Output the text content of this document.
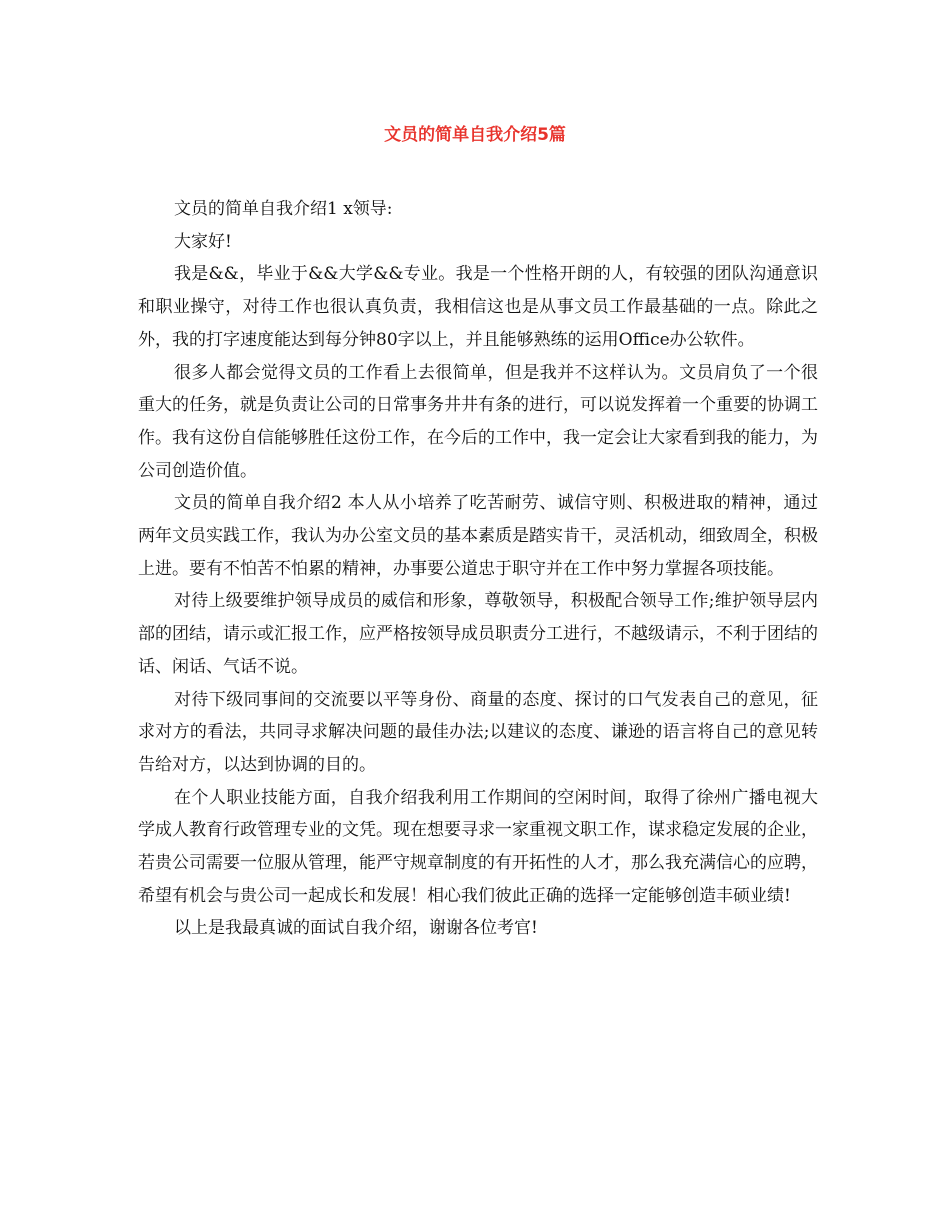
文员的简单自我介绍5篇

文员的简单自我介绍1 x领导:

大家好!

我是&&，毕业于&&大学&&专业。我是一个性格开朗的人，有较强的团队沟通意识和职业操守，对待工作也很认真负责，我相信这也是从事文员工作最基础的一点。除此之外，我的打字速度能达到每分钟80字以上，并且能够熟练的运用Office办公软件。

很多人都会觉得文员的工作看上去很简单，但是我并不这样认为。文员肩负了一个很重大的任务，就是负责让公司的日常事务井井有条的进行，可以说发挥着一个重要的协调工作。我有这份自信能够胜任这份工作，在今后的工作中，我一定会让大家看到我的能力，为公司创造价值。

文员的简单自我介绍2 本人从小培养了吃苦耐劳、诚信守则、积极进取的精神，通过两年文员实践工作，我认为办公室文员的基本素质是踏实肯干，灵活机动，细致周全，积极上进。要有不怕苦不怕累的精神，办事要公道忠于职守并在工作中努力掌握各项技能。

对待上级要维护领导成员的威信和形象，尊敬领导，积极配合领导工作;维护领导层内部的团结，请示或汇报工作，应严格按领导成员职责分工进行，不越级请示，不利于团结的话、闲话、气话不说。

对待下级同事间的交流要以平等身份、商量的态度、探讨的口气发表自己的意见，征求对方的看法，共同寻求解决问题的最佳办法;以建议的态度、谦逊的语言将自己的意见转告给对方，以达到协调的目的。

在个人职业技能方面，自我介绍我利用工作期间的空闲时间，取得了徐州广播电视大学成人教育行政管理专业的文凭。现在想要寻求一家重视文职工作，谋求稳定发展的企业，若贵公司需要一位服从管理，能严守规章制度的有开拓性的人才，那么我充满信心的应聘，希望有机会与贵公司一起成长和发展！相心我们彼此正确的选择一定能够创造丰硕业绩!

以上是我最真诚的面试自我介绍，谢谢各位考官!
